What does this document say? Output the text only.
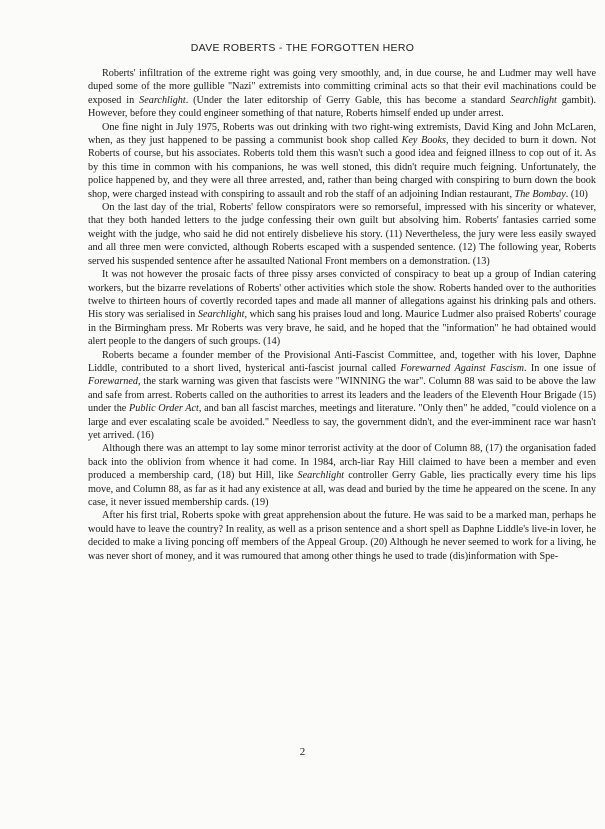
DAVE ROBERTS - THE FORGOTTEN HERO

Roberts' infiltration of the extreme right was going very smoothly, and, in due course, he and Ludmer may well have duped some of the more gullible "Nazi" extremists into committing criminal acts so that their evil machinations could be exposed in Searchlight. (Under the later editorship of Gerry Gable, this has become a standard Searchlight gambit). However, before they could engineer something of that nature, Roberts himself ended up under arrest.

One fine night in July 1975, Roberts was out drinking with two right-wing extremists, David King and John McLaren, when, as they just happened to be passing a communist book shop called Key Books, they decided to burn it down. Not Roberts of course, but his associates. Roberts told them this wasn't such a good idea and feigned illness to cop out of it. As by this time in common with his companions, he was well stoned, this didn't require much feigning. Unfortunately, the police happened by, and they were all three arrested, and, rather than being charged with conspiring to burn down the book shop, were charged instead with conspiring to assault and rob the staff of an adjoining Indian restaurant, The Bombay. (10)

On the last day of the trial, Roberts' fellow conspirators were so remorseful, impressed with his sincerity or whatever, that they both handed letters to the judge confessing their own guilt but absolving him. Roberts' fantasies carried some weight with the judge, who said he did not entirely disbelieve his story. (11) Nevertheless, the jury were less easily swayed and all three men were convicted, although Roberts escaped with a suspended sentence. (12) The following year, Roberts served his suspended sentence after he assaulted National Front members on a demonstration. (13)

It was not however the prosaic facts of three pissy arses convicted of conspiracy to beat up a group of Indian catering workers, but the bizarre revelations of Roberts' other activities which stole the show. Roberts handed over to the authorities twelve to thirteen hours of covertly recorded tapes and made all manner of allegations against his drinking pals and others. His story was serialised in Searchlight, which sang his praises loud and long. Maurice Ludmer also praised Roberts' courage in the Birmingham press. Mr Roberts was very brave, he said, and he hoped that the "information" he had obtained would alert people to the dangers of such groups. (14)

Roberts became a founder member of the Provisional Anti-Fascist Committee, and, together with his lover, Daphne Liddle, contributed to a short lived, hysterical anti-fascist journal called Forewarned Against Fascism. In one issue of Forewarned, the stark warning was given that fascists were "WINNING the war". Column 88 was said to be above the law and safe from arrest. Roberts called on the authorities to arrest its leaders and the leaders of the Eleventh Hour Brigade (15) under the Public Order Act, and ban all fascist marches, meetings and literature. "Only then" he added, "could violence on a large and ever escalating scale be avoided." Needless to say, the government didn't, and the ever-imminent race war hasn't yet arrived. (16)

Although there was an attempt to lay some minor terrorist activity at the door of Column 88, (17) the organisation faded back into the oblivion from whence it had come. In 1984, arch-liar Ray Hill claimed to have been a member and even produced a membership card, (18) but Hill, like Searchlight controller Gerry Gable, lies practically every time his lips move, and Column 88, as far as it had any existence at all, was dead and buried by the time he appeared on the scene. In any case, it never issued membership cards. (19)

After his first trial, Roberts spoke with great apprehension about the future. He was said to be a marked man, perhaps he would have to leave the country? In reality, as well as a prison sentence and a short spell as Daphne Liddle's live-in lover, he decided to make a living poncing off members of the Appeal Group. (20) Although he never seemed to work for a living, he was never short of money, and it was rumoured that among other things he used to trade (dis)information with Spe-

2
